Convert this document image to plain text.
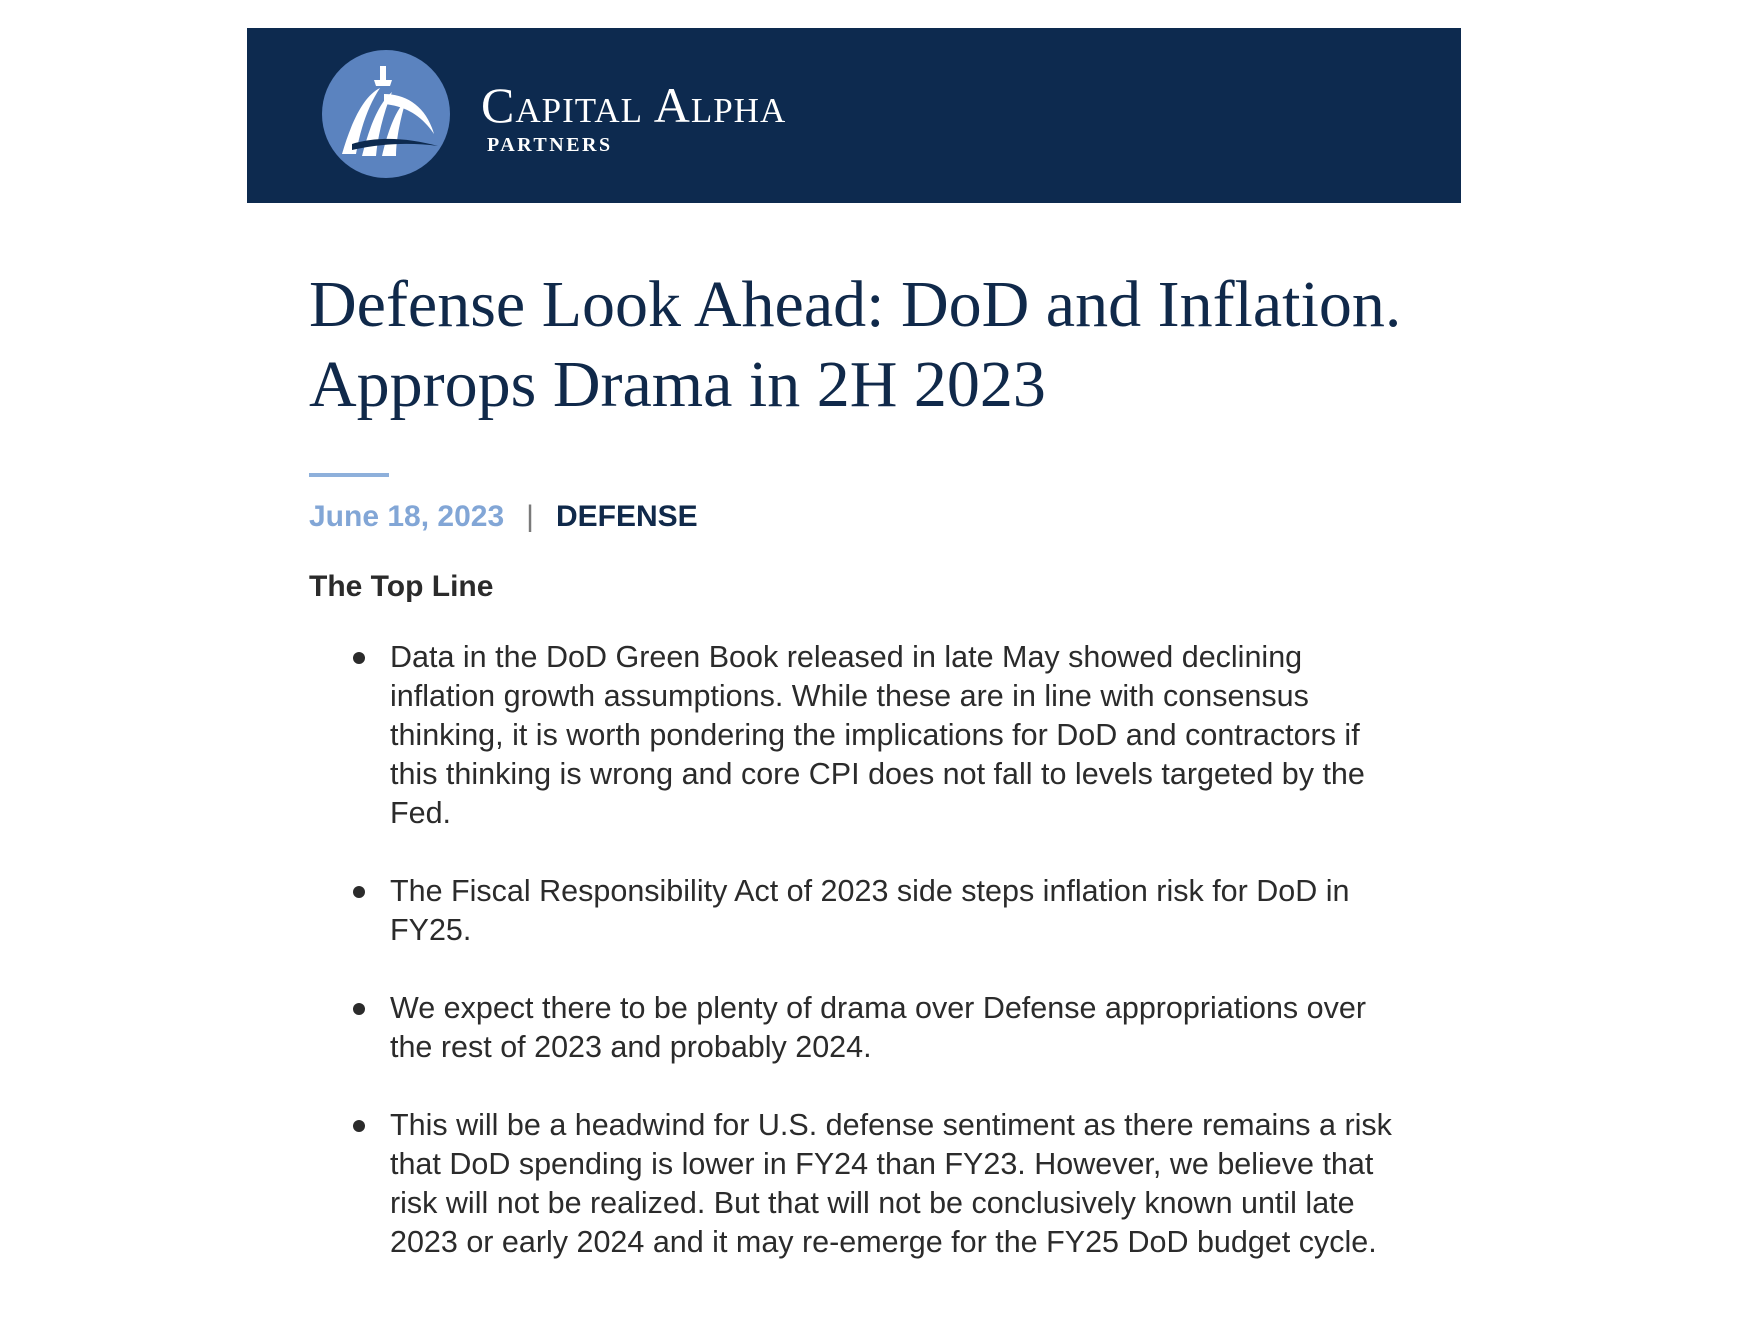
Capital Alpha
PARTNERS
Defense Look Ahead: DoD and Inflation. Approps Drama in 2H 2023
June 18, 2023 | DEFENSE
The Top Line
Data in the DoD Green Book released in late May showed declining inflation growth assumptions. While these are in line with consensus thinking, it is worth pondering the implications for DoD and contractors if this thinking is wrong and core CPI does not fall to levels targeted by the Fed.
The Fiscal Responsibility Act of 2023 side steps inflation risk for DoD in FY25.
We expect there to be plenty of drama over Defense appropriations over the rest of 2023 and probably 2024.
This will be a headwind for U.S. defense sentiment as there remains a risk that DoD spending is lower in FY24 than FY23. However, we believe that risk will not be realized. But that will not be conclusively known until late 2023 or early 2024 and it may re-emerge for the FY25 DoD budget cycle.
